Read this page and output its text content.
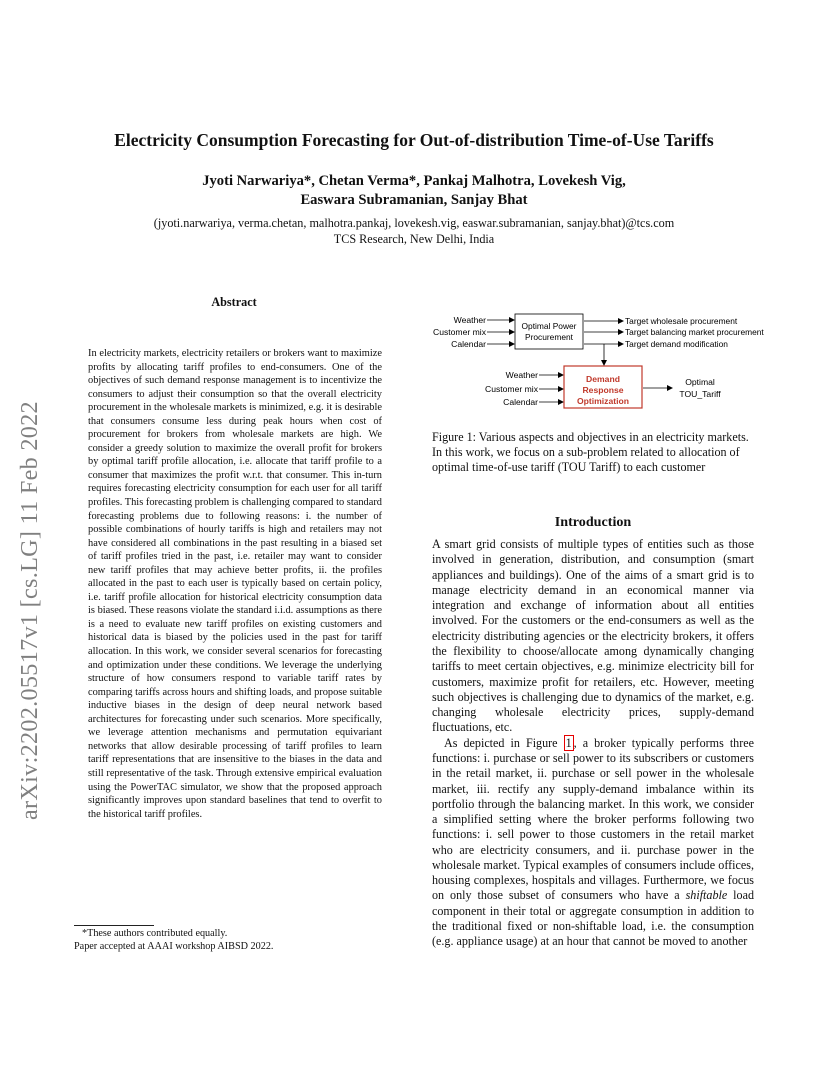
arXiv:2202.05517v1 [cs.LG] 11 Feb 2022
Electricity Consumption Forecasting for Out-of-distribution Time-of-Use Tariffs
Jyoti Narwariya*, Chetan Verma*, Pankaj Malhotra, Lovekesh Vig,
Easwara Subramanian, Sanjay Bhat
(jyoti.narwariya, verma.chetan, malhotra.pankaj, lovekesh.vig, easwar.subramanian, sanjay.bhat)@tcs.com
TCS Research, New Delhi, India
Abstract
In electricity markets, electricity retailers or brokers want to maximize profits by allocating tariff profiles to end-consumers. One of the objectives of such demand response management is to incentivize the consumers to adjust their consumption so that the overall electricity procurement in the wholesale markets is minimized, e.g. it is desirable that consumers consume less during peak hours when cost of procurement for brokers from wholesale markets are high. We consider a greedy solution to maximize the overall profit for brokers by optimal tariff profile allocation, i.e. allocate that tariff profile to a consumer that maximizes the profit w.r.t. that consumer. This in-turn requires forecasting electricity consumption for each user for all tariff profiles. This forecasting problem is challenging compared to standard forecasting problems due to following reasons: i. the number of possible combinations of hourly tariffs is high and retailers may not have considered all combinations in the past resulting in a biased set of tariff profiles tried in the past, i.e. retailer may want to consider new tariff profiles that may achieve better profits, ii. the profiles allocated in the past to each user is typically based on certain policy, i.e. tariff profile allocation for historical electricity consumption data is biased. These reasons violate the standard i.i.d. assumptions as there is a need to evaluate new tariff profiles on existing customers and historical data is biased by the policies used in the past for tariff allocation. In this work, we consider several scenarios for forecasting and optimization under these conditions. We leverage the underlying structure of how consumers respond to variable tariff rates by comparing tariffs across hours and shifting loads, and propose suitable inductive biases in the design of deep neural network based architectures for forecasting under such scenarios. More specifically, we leverage attention mechanisms and permutation equivariant networks that allow desirable processing of tariff profiles to learn tariff representations that are insensitive to the biases in the data and still representative of the task. Through extensive empirical evaluation using the PowerTAC simulator, we show that the proposed approach significantly improves upon standard baselines that tend to overfit to the historical tariff profiles.
*These authors contributed equally.
Paper accepted at AAAI workshop AIBSD 2022.
Weather
Customer mix
Calendar
Optimal Power
Procurement
Target wholesale procurement
Target balancing market procurement
Target demand modification
Weather
Customer mix
Calendar
Demand
Response
Optimization
Optimal
TOU_Tariff
Figure 1: Various aspects and objectives in an electricity markets. In this work, we focus on a sub-problem related to allocation of optimal time-of-use tariff (TOU Tariff) to each customer
Introduction

A smart grid consists of multiple types of entities such as those involved in generation, distribution, and consumption (smart appliances and buildings). One of the aims of a smart grid is to manage electricity demand in an economical manner via integration and exchange of information about all entities involved. For the customers or the end-consumers as well as the electricity distributing agencies or the electricity brokers, it offers the flexibility to choose/allocate among dynamically changing tariffs to meet certain objectives, e.g. minimize electricity bill for customers, maximize profit for retailers, etc. However, meeting such objectives is challenging due to dynamics of the market, e.g. changing wholesale electricity prices, supply-demand fluctuations, etc.

As depicted in Figure 1 , a broker typically performs three functions: i. purchase or sell power to its subscribers or customers in the retail market, ii. purchase or sell power in the wholesale market, iii. rectify any supply-demand imbalance within its portfolio through the balancing market. In this work, we consider a simplified setting where the broker performs following two functions: i. sell power to those customers in the retail market who are electricity consumers, and ii. purchase power in the wholesale market. Typical examples of consumers include offices, housing complexes, hospitals and villages. Furthermore, we focus on only those subset of consumers who have a shiftable load component in their total or aggregate consumption in addition to the traditional fixed or non-shiftable load, i.e. the consumption (e.g. appliance usage) at an hour that cannot be moved to another
